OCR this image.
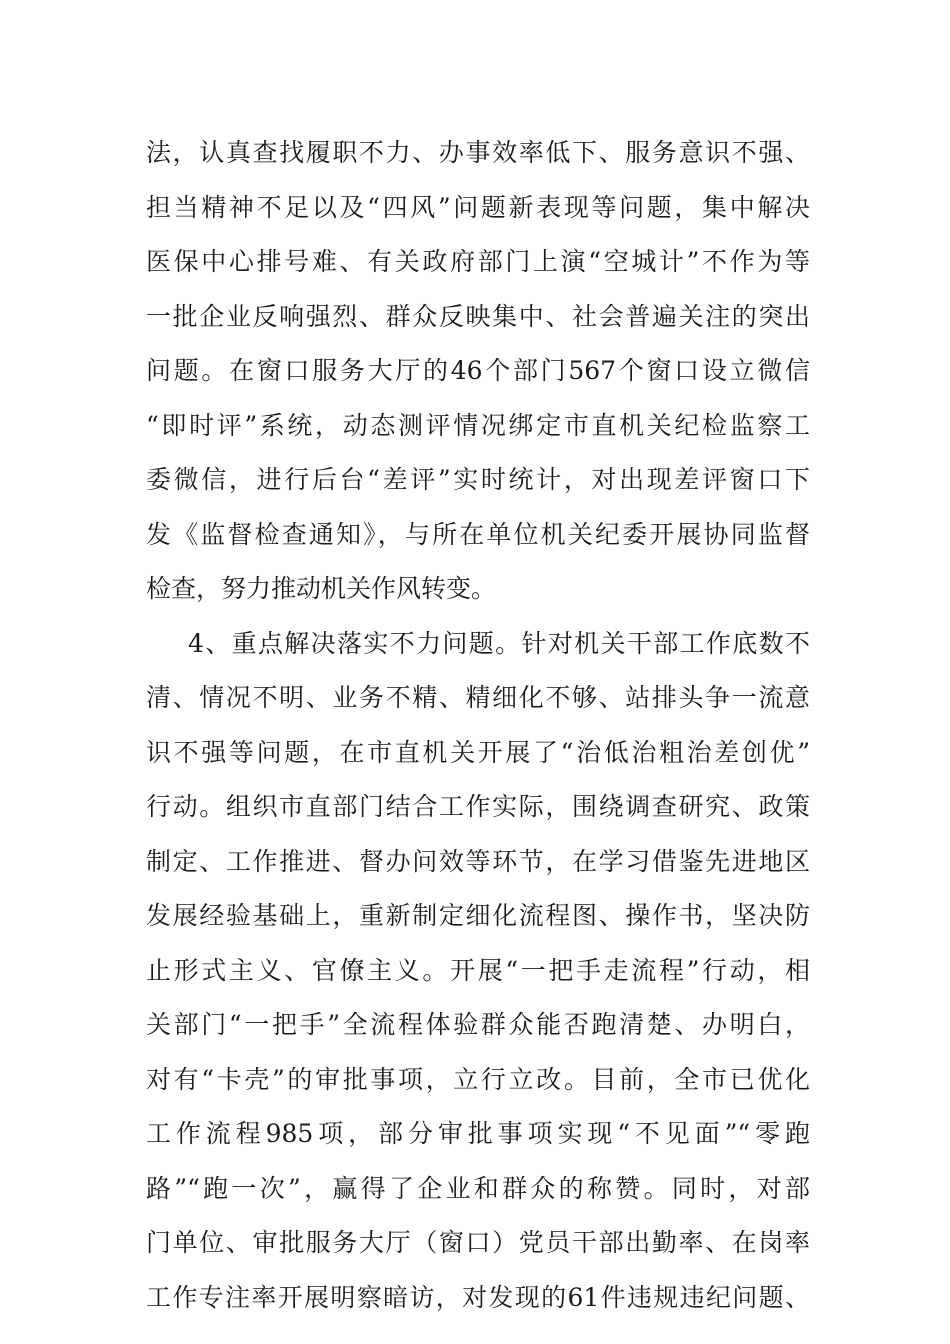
法，认真查找履职不力、办事效率低下、服务意识不强、
担当精神不足以及“四风”问题新表现等问题，集中解决
医保中心排号难、有关政府部门上演“空城计”不作为等
一批企业反响强烈、群众反映集中、社会普遍关注的突出
问题。在窗口服务大厅的46个部门567个窗口设立微信
“即时评”系统，动态测评情况绑定市直机关纪检监察工
委微信，进行后台“差评”实时统计，对出现差评窗口下
发《监督检查通知》，与所在单位机关纪委开展协同监督
检查，努力推动机关作风转变。
4、重点解决落实不力问题。针对机关干部工作底数不
清、情况不明、业务不精、精细化不够、站排头争一流意
识不强等问题，在市直机关开展了“治低治粗治差创优”
行动。组织市直部门结合工作实际，围绕调查研究、政策
制定、工作推进、督办问效等环节，在学习借鉴先进地区
发展经验基础上，重新制定细化流程图、操作书，坚决防
止形式主义、官僚主义。开展“一把手走流程”行动，相
关部门“一把手”全流程体验群众能否跑清楚、办明白，
对有“卡壳”的审批事项，立行立改。目前，全市已优化
工作流程985项，部分审批事项实现“不见面”“零跑
路”“跑一次”，赢得了企业和群众的称赞。同时，对部
门单位、审批服务大厅（窗口）党员干部出勤率、在岗率
工作专注率开展明察暗访，对发现的61件违规违纪问题、
